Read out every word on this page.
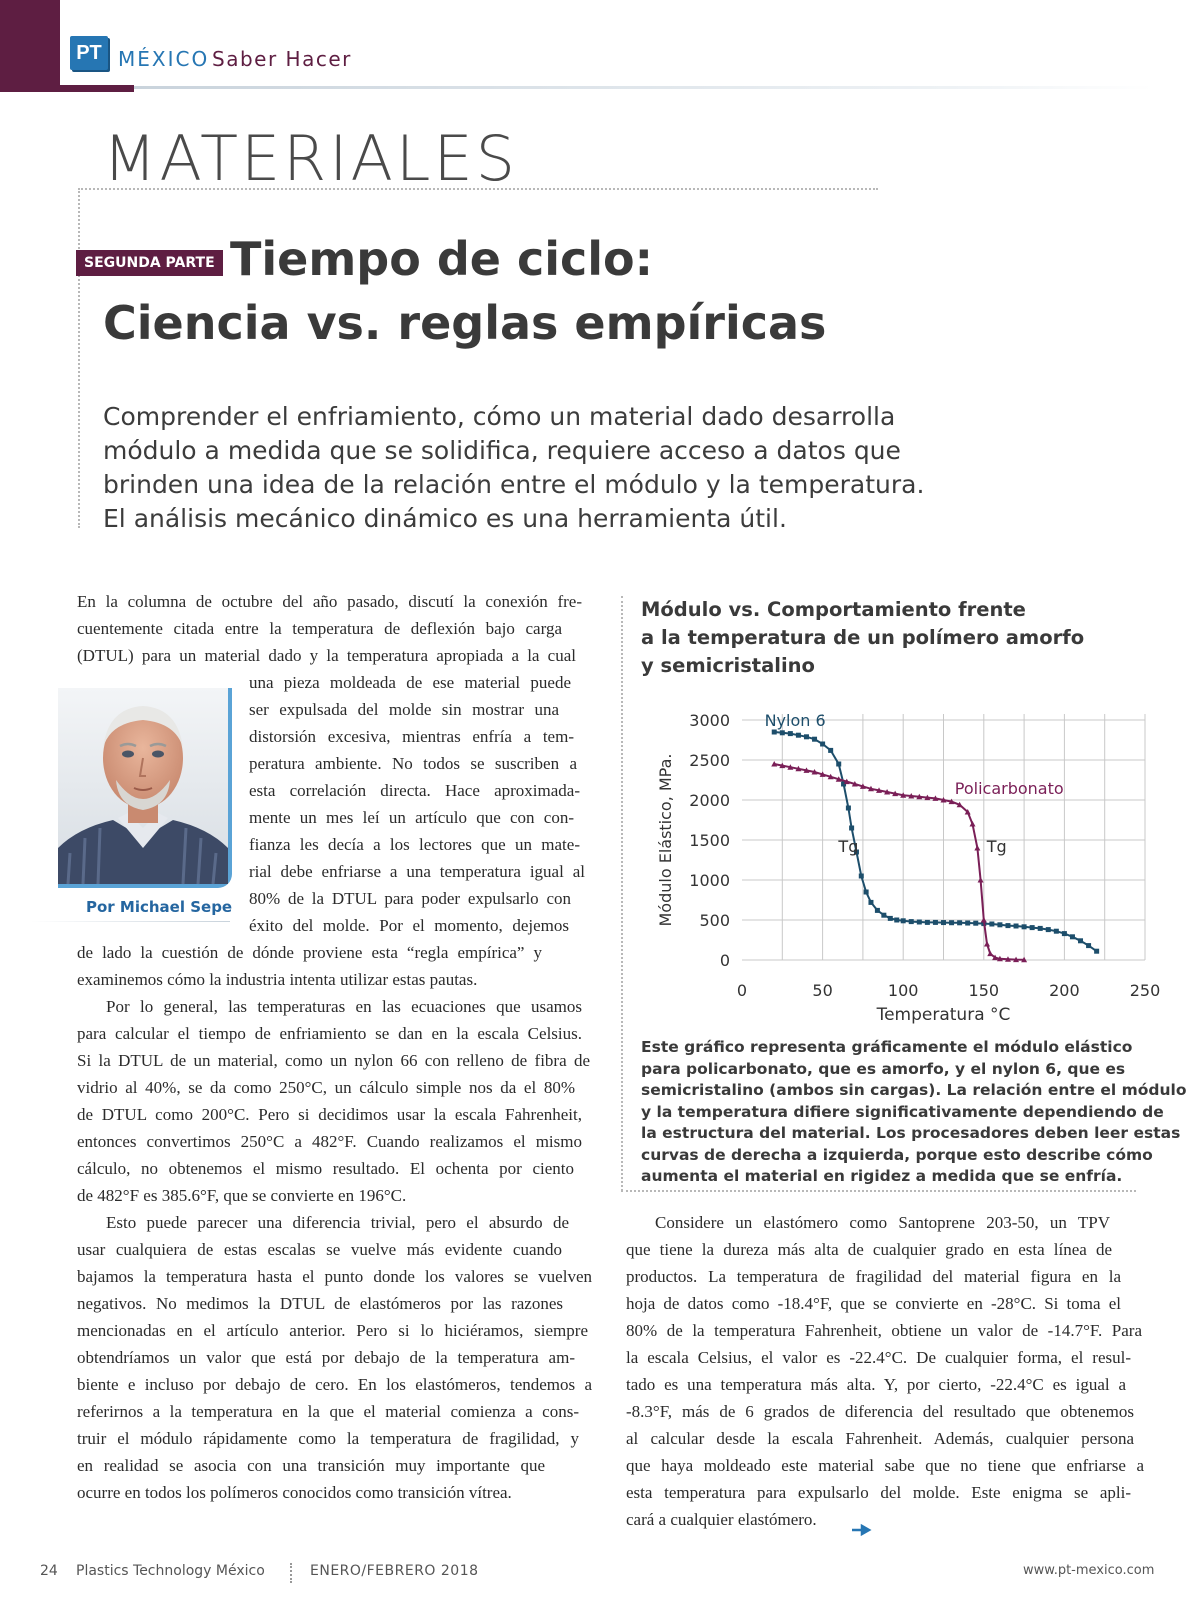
PT MÉXICO Saber Hacer
MATERIALES
SEGUNDA PARTE Tiempo de ciclo:
Ciencia vs. reglas empíricas

Comprender el enfriamiento, cómo un material dado desarrolla

módulo a medida que se solidifica, requiere acceso a datos que

brinden una idea de la relación entre el módulo y la temperatura.

El análisis mecánico dinámico es una herramienta útil.

Por Michael Sepe
En la columna de octubre del año pasado, discutí la conexión fre-
cuentemente citada entre la temperatura de deflexión bajo carga
(DTUL) para un material dado y la temperatura apropiada a la cual
una pieza moldeada de ese material puede
ser expulsada del molde sin mostrar una
distorsión excesiva, mientras enfría a tem-
peratura ambiente. No todos se suscriben a
esta correlación directa. Hace aproximada-
mente un mes leí un artículo que con con-
fianza les decía a los lectores que un mate-
rial debe enfriarse a una temperatura igual al
80% de la DTUL para poder expulsarlo con
éxito del molde. Por el momento, dejemos
de lado la cuestión de dónde proviene esta “regla empírica” y
examinemos cómo la industria intenta utilizar estas pautas.
Por lo general, las temperaturas en las ecuaciones que usamos
para calcular el tiempo de enfriamiento se dan en la escala Celsius.
Si la DTUL de un material, como un nylon 66 con relleno de fibra de
vidrio al 40%, se da como 250°C, un cálculo simple nos da el 80%
de DTUL como 200°C. Pero si decidimos usar la escala Fahrenheit,
entonces convertimos 250°C a 482°F. Cuando realizamos el mismo
cálculo, no obtenemos el mismo resultado. El ochenta por ciento
de 482°F es 385.6°F, que se convierte en 196°C.
Esto puede parecer una diferencia trivial, pero el absurdo de
usar cualquiera de estas escalas se vuelve más evidente cuando
bajamos la temperatura hasta el punto donde los valores se vuelven
negativos. No medimos la DTUL de elastómeros por las razones
mencionadas en el artículo anterior. Pero si lo hiciéramos, siempre
obtendríamos un valor que está por debajo de la temperatura am-
biente e incluso por debajo de cero. En los elastómeros, tendemos a
referirnos a la temperatura en la que el material comienza a cons-
truir el módulo rápidamente como la temperatura de fragilidad, y
en realidad se asocia con una transición muy importante que
ocurre en todos los polímeros conocidos como transición vítrea.
Módulo vs. Comportamiento frente
a la temperatura de un polímero amorfo
y semicristalino
0
500
1000
1500
2000
2500
3000
0	50	100	150	200	250
Temperatura °C
Módulo Elástico, MPa.
Nylon 6
Policarbonato
Tg	Tg
Este gráfico representa gráficamente el módulo elástico
para policarbonato, que es amorfo, y el nylon 6, que es
semicristalino (ambos sin cargas). La relación entre el módulo
y la temperatura difiere significativamente dependiendo de
la estructura del material. Los procesadores deben leer estas
curvas de derecha a izquierda, porque esto describe cómo
aumenta el material en rigidez a medida que se enfría.
Considere un elastómero como Santoprene 203-50, un TPV
que tiene la dureza más alta de cualquier grado en esta línea de
productos. La temperatura de fragilidad del material figura en la
hoja de datos como -18.4°F, que se convierte en -28°C. Si toma el
80% de la temperatura Fahrenheit, obtiene un valor de -14.7°F. Para
la escala Celsius, el valor es -22.4°C. De cualquier forma, el resul-
tado es una temperatura más alta. Y, por cierto, -22.4°C es igual a
-8.3°F, más de 6 grados de diferencia del resultado que obtenemos
al calcular desde la escala Fahrenheit. Además, cualquier persona
que haya moldeado este material sabe que no tiene que enfriarse a
esta temperatura para expulsarlo del molde. Este enigma se apli-
cará a cualquier elastómero.
24 Plastics Technology México	ENERO/FEBRERO 2018	www.pt-mexico.com
